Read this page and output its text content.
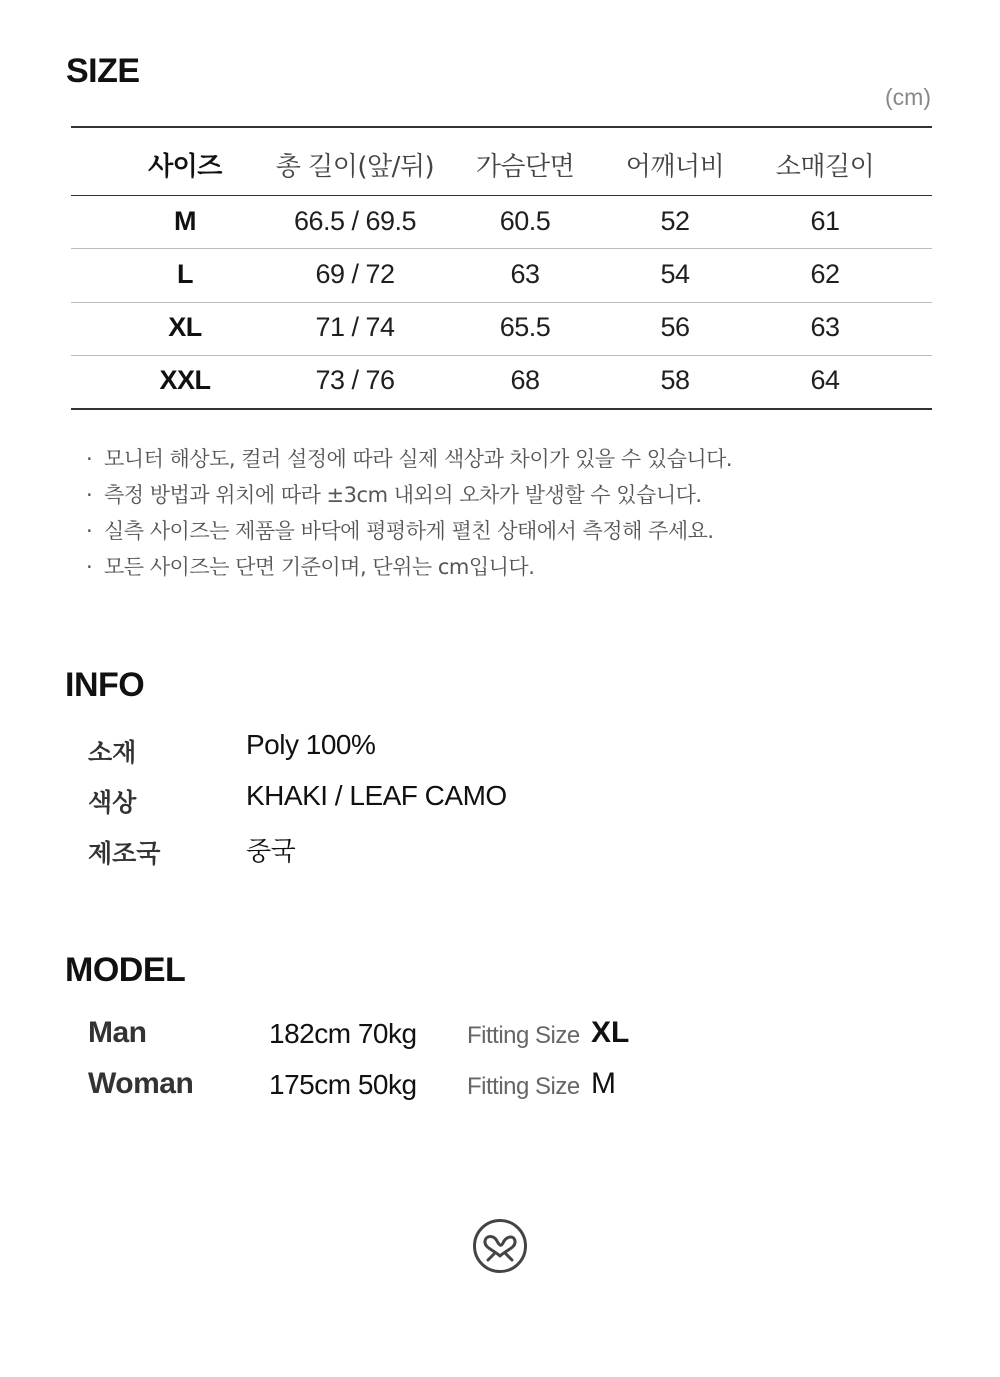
SIZE
(cm)
사이즈	총 길이(앞/뒤)	가슴단면	어깨너비	소매길이
M	66.5 / 69.5	60.5	52	61
L	69 / 72	63	54	62
XL	71 / 74	65.5	56	63
XXL	73 / 76	68	58	64
· 모니터 해상도, 컬러 설정에 따라 실제 색상과 차이가 있을 수 있습니다.
· 측정 방법과 위치에 따라 ±3cm 내외의 오차가 발생할 수 있습니다.
· 실측 사이즈는 제품을 바닥에 평평하게 펼친 상태에서 측정해 주세요.
· 모든 사이즈는 단면 기준이며, 단위는 cm입니다.
INFO
소재	Poly 100%
색상	KHAKI / LEAF CAMO
제조국	중국
MODEL
Man	182cm 70kg Fitting Size XL
Woman	175cm 50kg Fitting Size M
